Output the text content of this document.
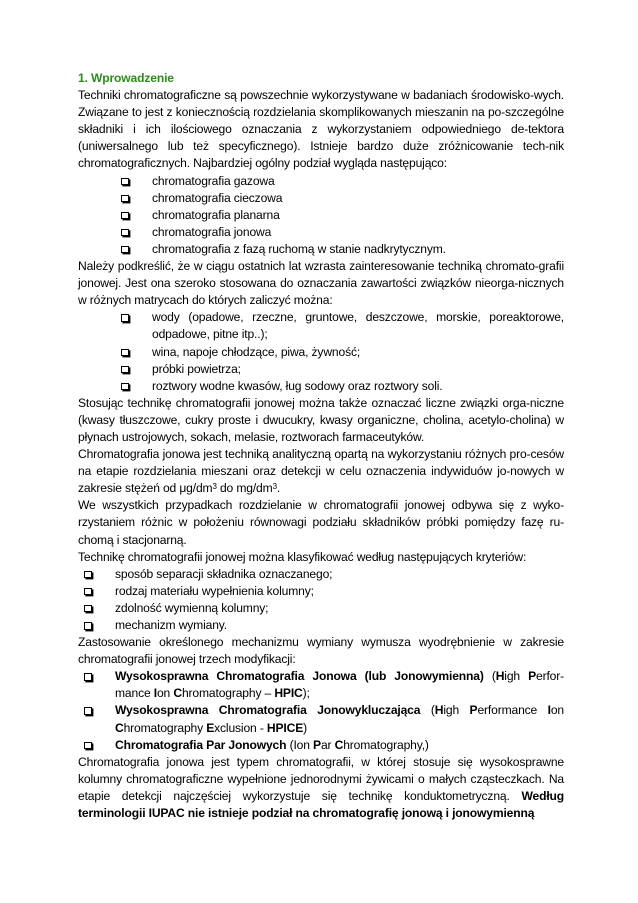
1. Wprowadzenie

Techniki chromatograficzne są powszechnie wykorzystywane w badaniach środowisko-wych. Związane to jest z koniecznością rozdzielania skomplikowanych mieszanin na po-szczególne składniki i ich ilościowego oznaczania z wykorzystaniem odpowiedniego de-tektora (uniwersalnego lub też specyficznego). Istnieje bardzo duże zróżnicowanie tech-nik chromatograficznych. Najbardziej ogólny podział wygląda następująco:

chromatografia gazowa
chromatografia cieczowa
chromatografia planarna
chromatografia jonowa
chromatografia z fazą ruchomą w stanie nadkrytycznym.

Należy podkreślić, że w ciągu ostatnich lat wzrasta zainteresowanie techniką chromato-grafii jonowej. Jest ona szeroko stosowana do oznaczania zawartości związków nieorga-nicznych w różnych matrycach do których zaliczyć można:

wody (opadowe, rzeczne, gruntowe, deszczowe, morskie, poreaktorowe, odpadowe, pitne itp..);
wina, napoje chłodzące, piwa, żywność;
próbki powietrza;
roztwory wodne kwasów, ług sodowy oraz roztwory soli.

Stosując technikę chromatografii jonowej można także oznaczać liczne związki orga-niczne (kwasy tłuszczowe, cukry proste i dwucukry, kwasy organiczne, cholina, acetylo-cholina) w płynach ustrojowych, sokach, melasie, roztworach farmaceutyków.

Chromatografia jonowa jest techniką analityczną opartą na wykorzystaniu różnych pro-cesów na etapie rozdzielania mieszani oraz detekcji w celu oznaczenia indywiduów jo-nowych w zakresie stężeń od $\mu g/dm^3$ do $mg/dm^3$.

We wszystkich przypadkach rozdzielanie w chromatografii jonowej odbywa się z wyko-rzystaniem różnic w położeniu równowagi podziału składników próbki pomiędzy fazę ru-chomą i stacjonarną.

Technikę chromatografii jonowej można klasyfikować według następujących kryteriów:

sposób separacji składnika oznaczanego;
rodzaj materiału wypełnienia kolumny;
zdolność wymienną kolumny;
mechanizm wymiany.

Zastosowanie określonego mechanizmu wymiany wymusza wyodrębnienie w zakresie chromatografii jonowej trzech modyfikacji:

Wysokosprawna Chromatografia Jonowa (lub Jonowymienna) (High Perfor-mance Ion Chromatography – HPIC);
Wysokosprawna Chromatografia Jonowykluczająca (High Performance Ion Chromatography Exclusion - HPICE)
Chromatografia Par Jonowych (Ion Par Chromatography,)

Chromatografia jonowa jest typem chromatografii, w której stosuje się wysokosprawne kolumny chromatograficzne wypełnione jednorodnymi żywicami o małych cząsteczkach. Na etapie detekcji najczęściej wykorzystuje się technikę konduktometryczną. Według terminologii IUPAC nie istnieje podział na chromatografię jonową i jonowymienną
